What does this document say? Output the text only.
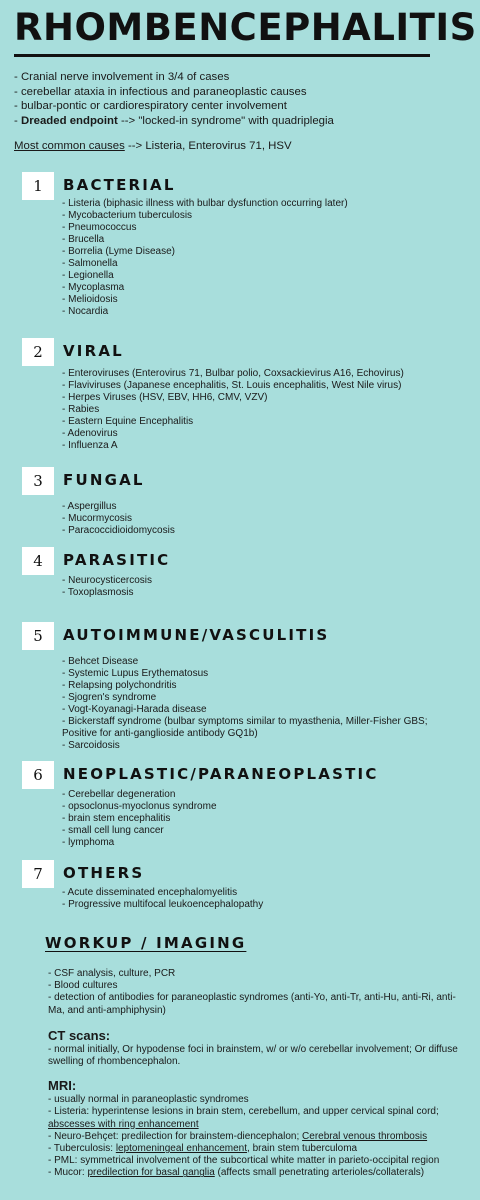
RHOMBENCEPHALITIS
- Cranial nerve involvement in 3/4 of cases
- cerebellar ataxia in infectious and paraneoplastic causes
- bulbar-pontic or cardiorespiratory center involvement
- Dreaded endpoint --> "locked-in syndrome" with quadriplegia
Most common causes --> Listeria, Enterovirus 71, HSV
1	BACTERIAL
- Listeria (biphasic illness with bulbar dysfunction occurring later)
- Mycobacterium tuberculosis
- Pneumococcus
- Brucella
- Borrelia (Lyme Disease)
- Salmonella
- Legionella
- Mycoplasma
- Melioidosis
- Nocardia
2	VIRAL
- Enteroviruses (Enterovirus 71, Bulbar polio, Coxsackievirus A16, Echovirus)
- Flaviviruses (Japanese encephalitis, St. Louis encephalitis, West Nile virus)
- Herpes Viruses (HSV, EBV, HH6, CMV, VZV)
- Rabies
- Eastern Equine Encephalitis
- Adenovirus
- Influenza A
3	FUNGAL
- Aspergillus
- Mucormycosis
- Paracoccidioidomycosis
4	PARASITIC
- Neurocysticercosis
- Toxoplasmosis
5	AUTOIMMUNE/VASCULITIS
- Behcet Disease
- Systemic Lupus Erythematosus
- Relapsing polychondritis
- Sjogren's syndrome
- Vogt-Koyanagi-Harada disease
- Bickerstaff syndrome (bulbar symptoms similar to myasthenia, Miller-Fisher GBS; Positive for anti-ganglioside antibody GQ1b)
- Sarcoidosis
6	NEOPLASTIC/PARANEOPLASTIC
- Cerebellar degeneration
- opsoclonus-myoclonus syndrome
- brain stem encephalitis
- small cell lung cancer
- lymphoma
7	OTHERS
- Acute disseminated encephalomyelitis
- Progressive multifocal leukoencephalopathy
WORKUP / IMAGING
- CSF analysis, culture, PCR
- Blood cultures
- detection of antibodies for paraneoplastic syndromes (anti-Yo, anti-Tr, anti-Hu, anti-Ri, anti-Ma, and anti-amphiphysin)
CT scans:
- normal initially, Or hypodense foci in brainstem, w/ or w/o cerebellar involvement; Or diffuse swelling of rhombencephalon.
MRI:
- usually normal in paraneoplastic syndromes
- Listeria: hyperintense lesions in brain stem, cerebellum, and upper cervical spinal cord;
abscesses with ring enhancement
- Neuro-Behçet: predilection for brainstem-diencephalon; Cerebral venous thrombosis
- Tuberculosis: leptomeningeal enhancement, brain stem tuberculoma
- PML: symmetrical involvement of the subcortical white matter in parieto-occipital region
- Mucor: predilection for basal ganglia (affects small penetrating arterioles/collaterals)
